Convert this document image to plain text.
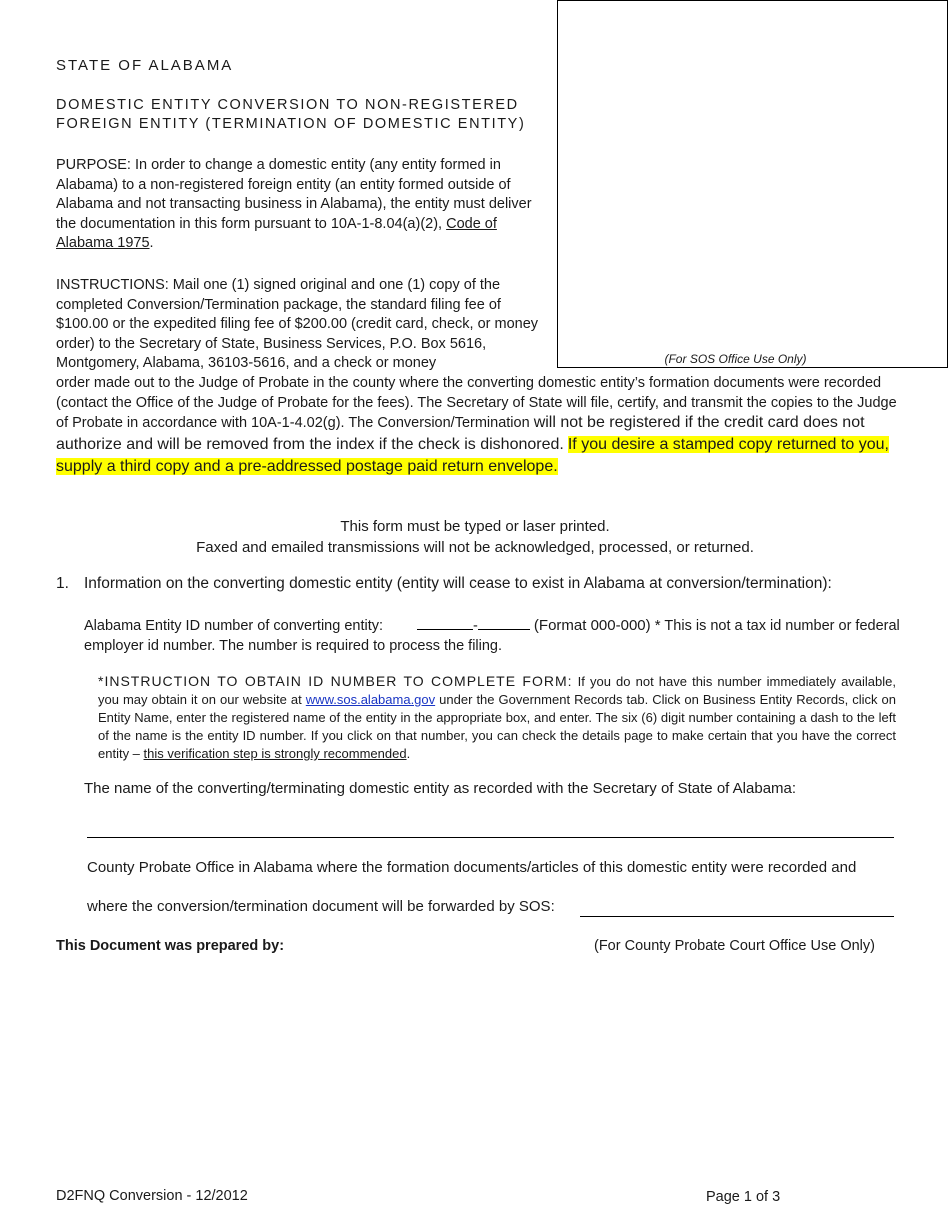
(For SOS Office Use Only)
STATE OF ALABAMA
DOMESTIC ENTITY CONVERSION TO NON-REGISTERED
FOREIGN ENTITY (TERMINATION OF DOMESTIC ENTITY)
PURPOSE: In order to change a domestic entity (any entity formed in Alabama) to a non-registered foreign entity (an entity formed outside of Alabama and not transacting business in Alabama), the entity must deliver the documentation in this form pursuant to 10A-1-8.04(a)(2), Code of Alabama 1975.
INSTRUCTIONS: Mail one (1) signed original and one (1) copy of the completed Conversion/Termination package, the standard filing fee of $100.00 or the expedited filing fee of $200.00 (credit card, check, or money order) to the Secretary of State, Business Services, P.O. Box 5616, Montgomery, Alabama, 36103-5616, and a check or money
order made out to the Judge of Probate in the county where the converting domestic entity’s formation documents were recorded (contact the Office of the Judge of Probate for the fees). The Secretary of State will file, certify, and transmit the copies to the Judge of Probate in accordance with 10A-1-4.02(g). The Conversion/Termination will not be registered if the credit card does not authorize and will be removed from the index if the check is dishonored. If you desire a stamped copy returned to you, supply a third copy and a pre-addressed postage paid return envelope.
This form must be typed or laser printed.
Faxed and emailed transmissions will not be acknowledged, processed, or returned.
1. Information on the converting domestic entity (entity will cease to exist in Alabama at conversion/termination):
Alabama Entity ID number of converting entity:	-	(Format 000-000) * This is not a tax id number or federal employer id number. The number is required to process the filing.
*INSTRUCTION TO OBTAIN ID NUMBER TO COMPLETE FORM: If you do not have this number immediately available, you may obtain it on our website at www.sos.alabama.gov under the Government Records tab. Click on Business Entity Records, click on Entity Name, enter the registered name of the entity in the appropriate box, and enter. The six (6) digit number containing a dash to the left of the name is the entity ID number. If you click on that number, you can check the details page to make certain that you have the correct entity – this verification step is strongly recommended.
The name of the converting/terminating domestic entity as recorded with the Secretary of State of Alabama:
County Probate Office in Alabama where the formation documents/articles of this domestic entity were recorded and
where the conversion/termination document will be forwarded by SOS:
This Document was prepared by:	(For County Probate Court Office Use Only)
D2FNQ Conversion - 12/2012	Page 1 of 3
